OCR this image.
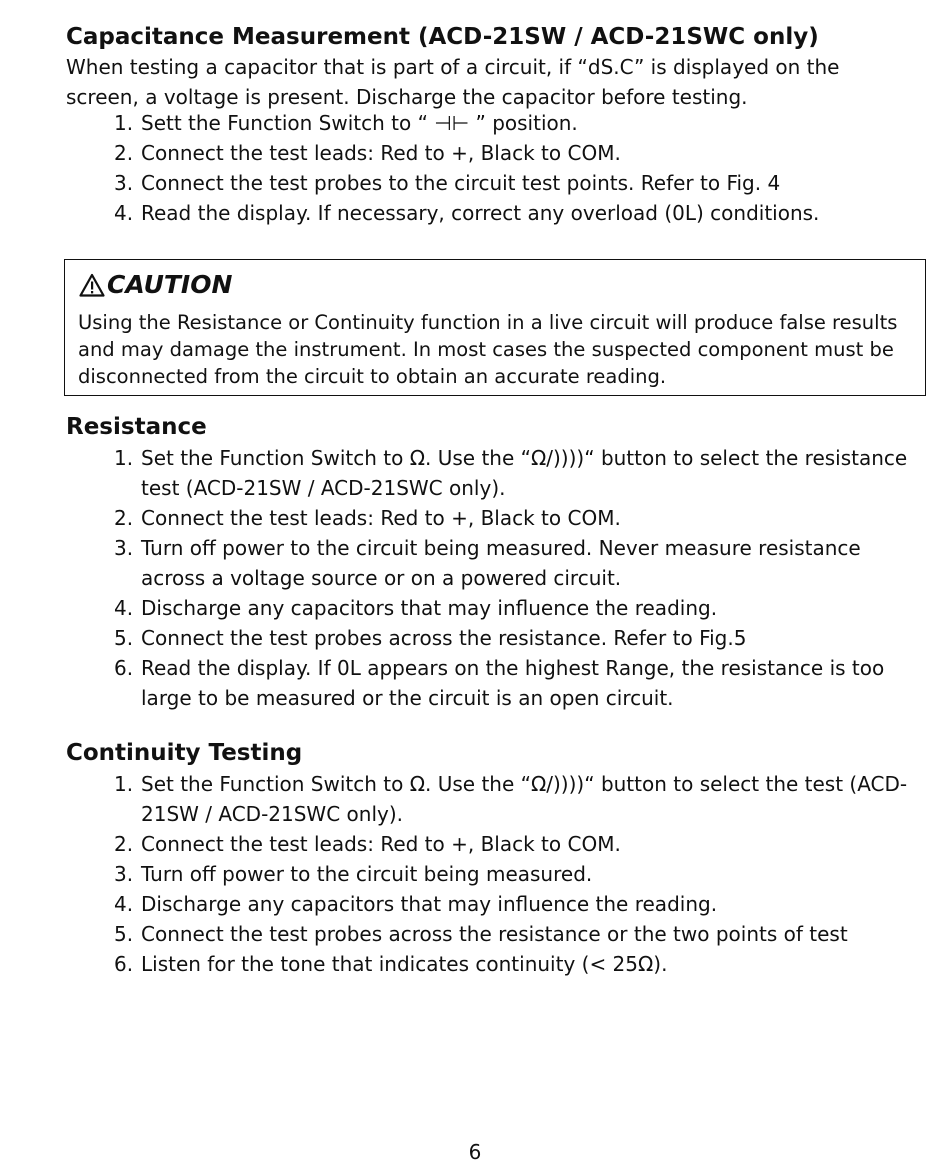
Capacitance Measurement (ACD-21SW / ACD-21SWC only)

When testing a capacitor that is part of a circuit, if “dS.C” is displayed on the screen, a voltage is present. Discharge the capacitor before testing.

1. Sett the Function Switch to “ ⊣⊢ ” position.
2. Connect the test leads: Red to +, Black to COM.
3. Connect the test probes to the circuit test points. Refer to Fig. 4
4. Read the display. If necessary, correct any overload (0L) conditions.
CAUTION

Using the Resistance or Continuity function in a live circuit will produce false results and may damage the instrument. In most cases the suspected component must be disconnected from the circuit to obtain an accurate reading.

Resistance
1. Set the Function Switch to Ω. Use the “Ω/))))“ button to select the resistance test (ACD-21SW / ACD-21SWC only).
2. Connect the test leads: Red to +, Black to COM.
3. Turn off power to the circuit being measured. Never measure resistance across a voltage source or on a powered circuit.
4. Discharge any capacitors that may influence the reading.
5. Connect the test probes across the resistance. Refer to Fig.5
6. Read the display. If 0L appears on the highest Range, the resistance is too large to be measured or the circuit is an open circuit.
Continuity Testing
1. Set the Function Switch to Ω. Use the “Ω/))))“ button to select the test (ACD-21SW / ACD-21SWC only).
2. Connect the test leads: Red to +, Black to COM.
3. Turn off power to the circuit being measured.
4. Discharge any capacitors that may influence the reading.
5. Connect the test probes across the resistance or the two points of test
6. Listen for the tone that indicates continuity (< 25Ω).
6
